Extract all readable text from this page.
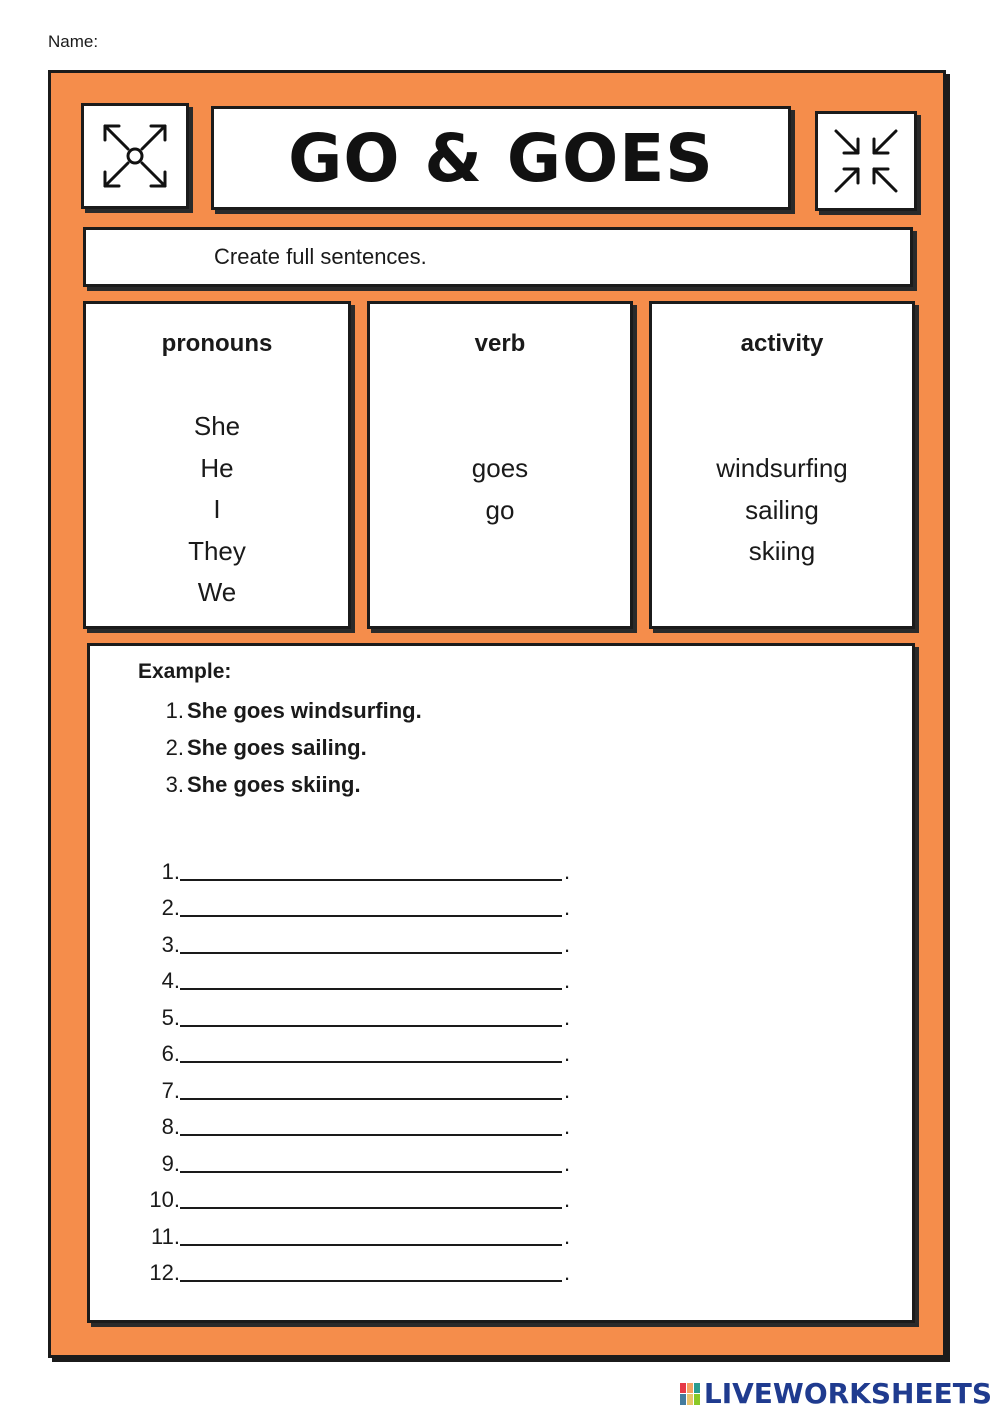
Name:
GO & GOES
Create full sentences.
pronouns
She
He
I
They
We
verb
goes
go
activity
windsurfing
sailing
skiing
Example:
1. She goes windsurfing.
2. She goes sailing.
3. She goes skiing.
1.	.
2.	.
3.	.
4.	.
5.	.
6.	.
7.	.
8.	.
9.	.
10.	.
11.	.
12.	.
LIVEWORKSHEETS
